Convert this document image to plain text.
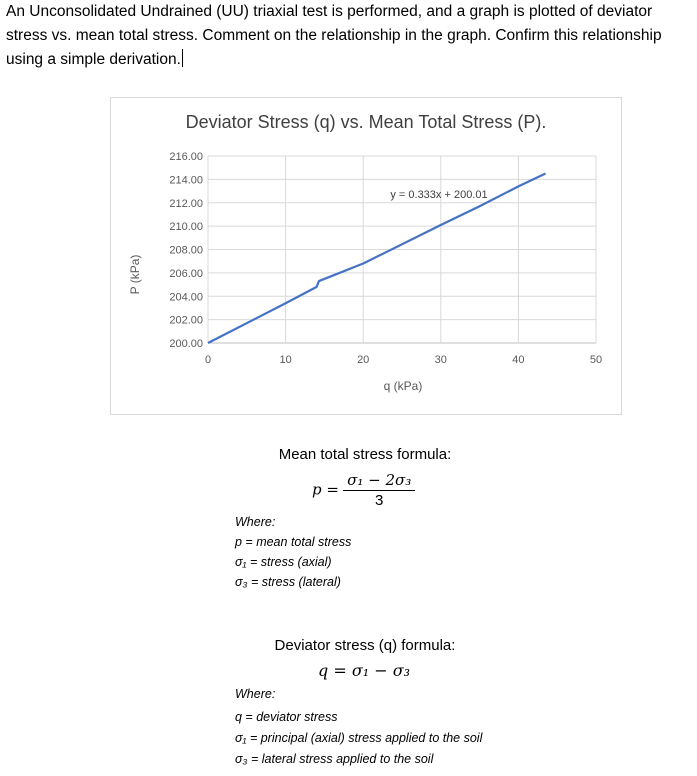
An Unconsolidated Undrained (UU) triaxial test is performed, and a graph is plotted of deviator stress vs. mean total stress. Comment on the relationship in the graph. Confirm this relationship using a simple derivation.
Deviator Stress (q) vs. Mean Total Stress (P).
200.00
202.00
204.00
206.00
208.00
210.00
212.00
214.00
216.00
0	10	20	30	40	50
q (kPa)
P (kPa)
y = 0.333x + 200.01
Mean total stress formula:
$p = \frac{\text{σ₁ − 2σ₃}}{3}$
Where:
p = mean total stress
σ₁ = stress (axial)
σ₃ = stress (lateral)
Deviator stress (q) formula:
q = σ₁ − σ₃
Where:
q = deviator stress
σ₁ = principal (axial) stress applied to the soil
σ₃ = lateral stress applied to the soil
